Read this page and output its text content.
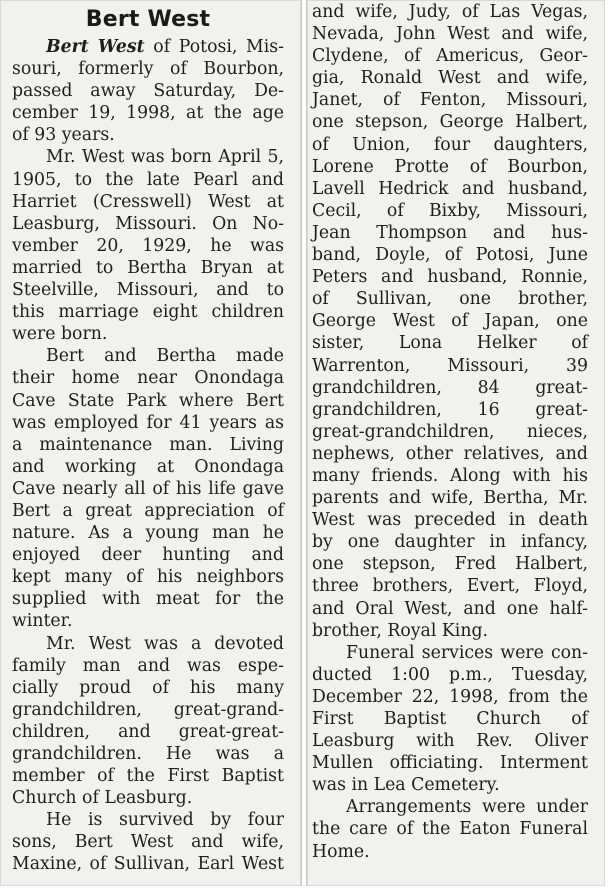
Bert West
Bert West of Potosi, Mis-
souri, formerly of Bourbon,
passed away Saturday, De-
cember 19, 1998, at the age
of 93 years.
Mr. West was born April 5,
1905, to the late Pearl and
Harriet (Cresswell) West at
Leasburg, Missouri. On No-
vember 20, 1929, he was
married to Bertha Bryan at
Steelville, Missouri, and to
this marriage eight children
were born.
Bert and Bertha made
their home near Onondaga
Cave State Park where Bert
was employed for 41 years as
a maintenance man. Living
and working at Onondaga
Cave nearly all of his life gave
Bert a great appreciation of
nature. As a young man he
enjoyed deer hunting and
kept many of his neighbors
supplied with meat for the
winter.
Mr. West was a devoted
family man and was espe-
cially proud of his many
grandchildren, great-grand-
children, and great-great-
grandchildren. He was a
member of the First Baptist
Church of Leasburg.
He is survived by four
sons, Bert West and wife,
Maxine, of Sullivan, Earl West
and wife, Judy, of Las Vegas,
Nevada, John West and wife,
Clydene, of Americus, Geor-
gia, Ronald West and wife,
Janet, of Fenton, Missouri,
one stepson, George Halbert,
of Union, four daughters,
Lorene Protte of Bourbon,
Lavell Hedrick and husband,
Cecil, of Bixby, Missouri,
Jean Thompson and hus-
band, Doyle, of Potosi, June
Peters and husband, Ronnie,
of Sullivan, one brother,
George West of Japan, one
sister, Lona Helker of
Warrenton, Missouri, 39
grandchildren, 84 great-
grandchildren, 16 great-
great-grandchildren, nieces,
nephews, other relatives, and
many friends. Along with his
parents and wife, Bertha, Mr.
West was preceded in death
by one daughter in infancy,
one stepson, Fred Halbert,
three brothers, Evert, Floyd,
and Oral West, and one half-
brother, Royal King.
Funeral services were con-
ducted 1:00 p.m., Tuesday,
December 22, 1998, from the
First Baptist Church of
Leasburg with Rev. Oliver
Mullen officiating. Interment
was in Lea Cemetery.
Arrangements were under
the care of the Eaton Funeral
Home.
